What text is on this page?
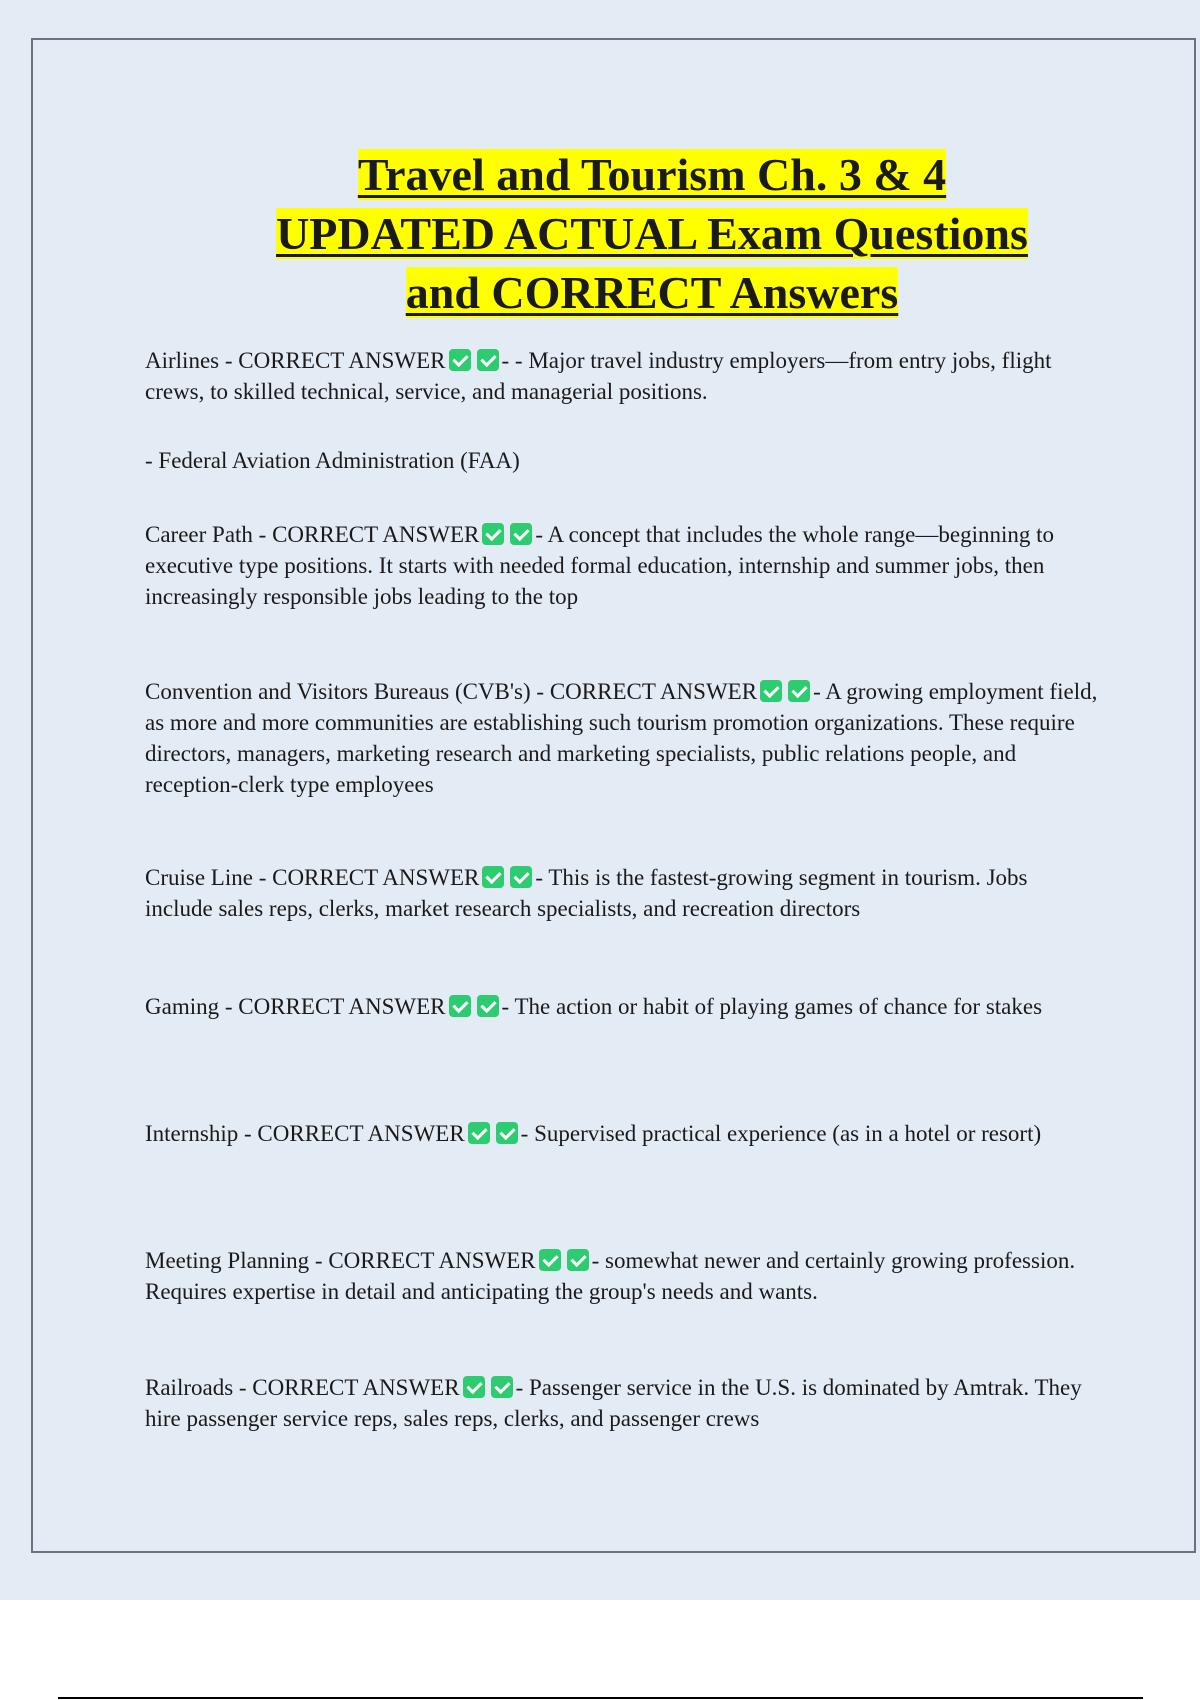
Travel and Tourism Ch. 3 & 4
UPDATED ACTUAL Exam Questions
and CORRECT Answers

Airlines - CORRECT ANSWER - - Major travel industry employers—from entry jobs, flight crews, to skilled technical, service, and managerial positions.

- Federal Aviation Administration (FAA)

Career Path - CORRECT ANSWER - A concept that includes the whole range—beginning to executive type positions. It starts with needed formal education, internship and summer jobs, then increasingly responsible jobs leading to the top

Convention and Visitors Bureaus (CVB's) - CORRECT ANSWER - A growing employment field, as more and more communities are establishing such tourism promotion organizations. These require directors, managers, marketing research and marketing specialists, public relations people, and reception-clerk type employees

Cruise Line - CORRECT ANSWER - This is the fastest-growing segment in tourism. Jobs include sales reps, clerks, market research specialists, and recreation directors

Gaming - CORRECT ANSWER - The action or habit of playing games of chance for stakes

Internship - CORRECT ANSWER - Supervised practical experience (as in a hotel or resort)

Meeting Planning - CORRECT ANSWER - somewhat newer and certainly growing profession. Requires expertise in detail and anticipating the group's needs and wants.

Railroads - CORRECT ANSWER - Passenger service in the U.S. is dominated by Amtrak. They hire passenger service reps, sales reps, clerks, and passenger crews
